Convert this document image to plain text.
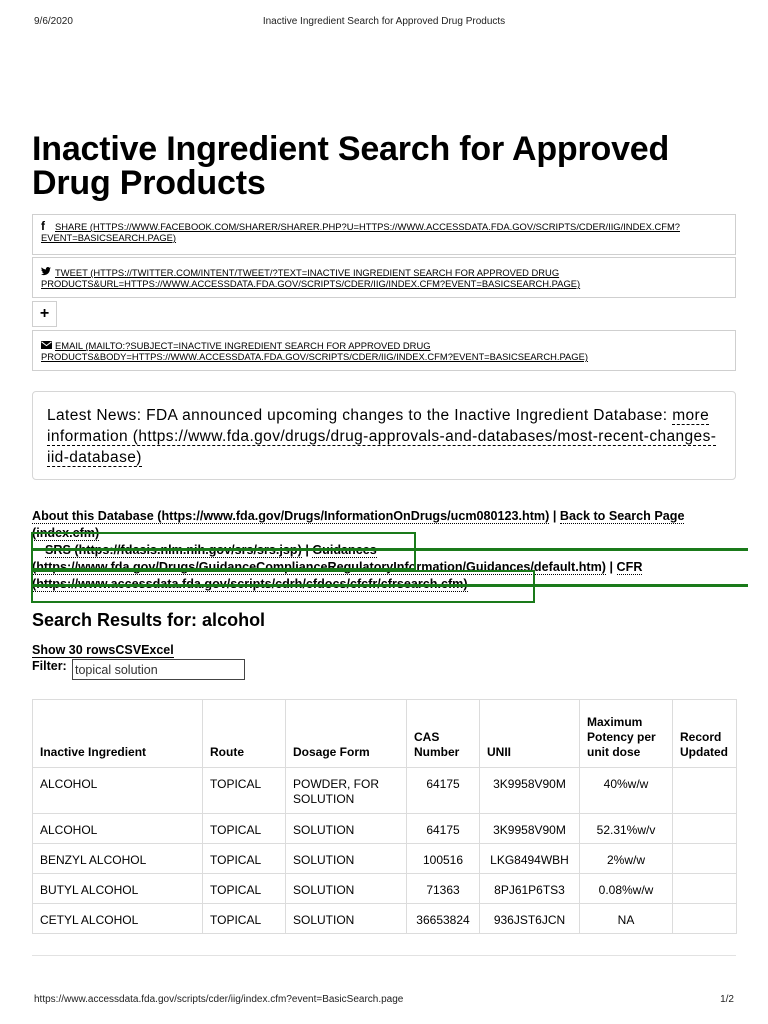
9/6/2020	Inactive Ingredient Search for Approved Drug Products
Inactive Ingredient Search for Approved Drug Products
f SHARE (HTTPS://WWW.FACEBOOK.COM/SHARER/SHARER.PHP?U=HTTPS://WWW.ACCESSDATA.FDA.GOV/SCRIPTS/CDER/IIG/INDEX.CFM?EVENT=BASICSEARCH.PAGE)
TWEET (HTTPS://TWITTER.COM/INTENT/TWEET/?TEXT=INACTIVE INGREDIENT SEARCH FOR APPROVED DRUG PRODUCTS&URL=HTTPS://WWW.ACCESSDATA.FDA.GOV/SCRIPTS/CDER/IIG/INDEX.CFM?EVENT=BASICSEARCH.PAGE)
+
EMAIL (MAILTO:?SUBJECT=INACTIVE INGREDIENT SEARCH FOR APPROVED DRUG PRODUCTS&BODY=HTTPS://WWW.ACCESSDATA.FDA.GOV/SCRIPTS/CDER/IIG/INDEX.CFM?EVENT=BASICSEARCH.PAGE)
Latest News: FDA announced upcoming changes to the Inactive Ingredient Database: more information (https://www.fda.gov/drugs/drug-approvals-and-databases/most-recent-changes-iid-database)
About this Database (https://www.fda.gov/Drugs/InformationOnDrugs/ucm080123.htm) | Back to Search Page (index.cfm)
(https://www.fda.gov/Drugs/GuidanceComplianceRegulatoryInformation/Guidances/default.htm) | CFR
Search Results for: alcohol
Show 30 rowsCSVExcel
Filter:
topical solution
Inactive Ingredient	Route	Dosage Form	CAS Number	UNII	Maximum Potency per unit dose	Record Updated
ALCOHOL	TOPICAL	POWDER, FOR SOLUTION	64175	3K9958V90M	40%w/w	
ALCOHOL	TOPICAL	SOLUTION	64175	3K9958V90M	52.31%w/v	
BENZYL ALCOHOL	TOPICAL	SOLUTION	100516	LKG8494WBH	2%w/w	
BUTYL ALCOHOL	TOPICAL	SOLUTION	71363	8PJ61P6TS3	0.08%w/w	
CETYL ALCOHOL	TOPICAL	SOLUTION	36653824	936JST6JCN	NA	
https://www.accessdata.fda.gov/scripts/cder/iig/index.cfm?event=BasicSearch.page	1/2
